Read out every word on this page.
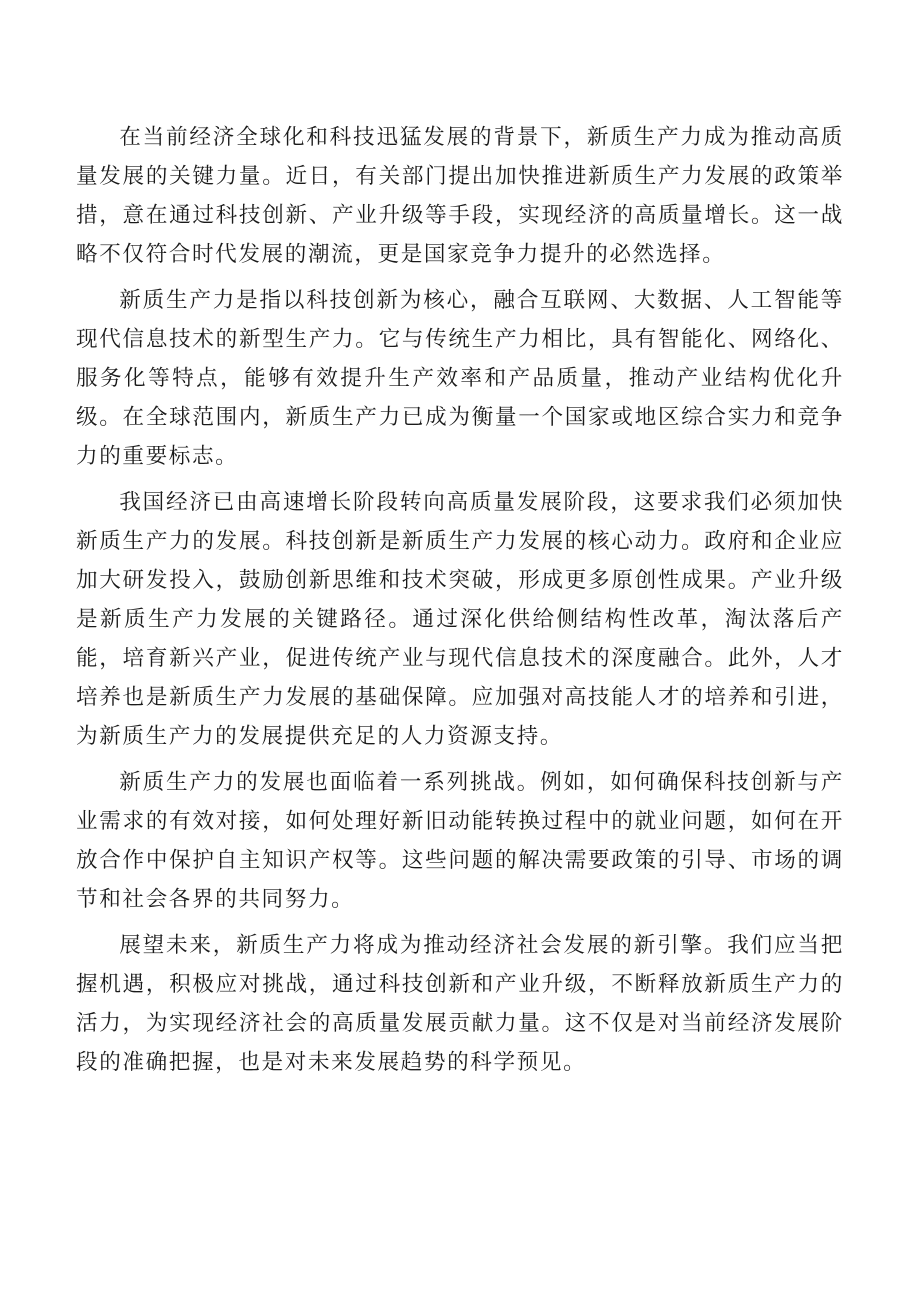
在当前经济全球化和科技迅猛发展的背景下，新质生产力成为推动高质量发展的关键力量。近日，有关部门提出加快推进新质生产力发展的政策举措，意在通过科技创新、产业升级等手段，实现经济的高质量增长。这一战略不仅符合时代发展的潮流，更是国家竞争力提升的必然选择。

新质生产力是指以科技创新为核心，融合互联网、大数据、人工智能等现代信息技术的新型生产力。它与传统生产力相比，具有智能化、网络化、服务化等特点，能够有效提升生产效率和产品质量，推动产业结构优化升级。在全球范围内，新质生产力已成为衡量一个国家或地区综合实力和竞争力的重要标志。

我国经济已由高速增长阶段转向高质量发展阶段，这要求我们必须加快新质生产力的发展。科技创新是新质生产力发展的核心动力。政府和企业应加大研发投入，鼓励创新思维和技术突破，形成更多原创性成果。产业升级是新质生产力发展的关键路径。通过深化供给侧结构性改革，淘汰落后产能，培育新兴产业，促进传统产业与现代信息技术的深度融合。此外，人才培养也是新质生产力发展的基础保障。应加强对高技能人才的培养和引进，为新质生产力的发展提供充足的人力资源支持。

新质生产力的发展也面临着一系列挑战。例如，如何确保科技创新与产业需求的有效对接，如何处理好新旧动能转换过程中的就业问题，如何在开放合作中保护自主知识产权等。这些问题的解决需要政策的引导、市场的调节和社会各界的共同努力。

展望未来，新质生产力将成为推动经济社会发展的新引擎。我们应当把握机遇，积极应对挑战，通过科技创新和产业升级，不断释放新质生产力的活力，为实现经济社会的高质量发展贡献力量。这不仅是对当前经济发展阶段的准确把握，也是对未来发展趋势的科学预见。
